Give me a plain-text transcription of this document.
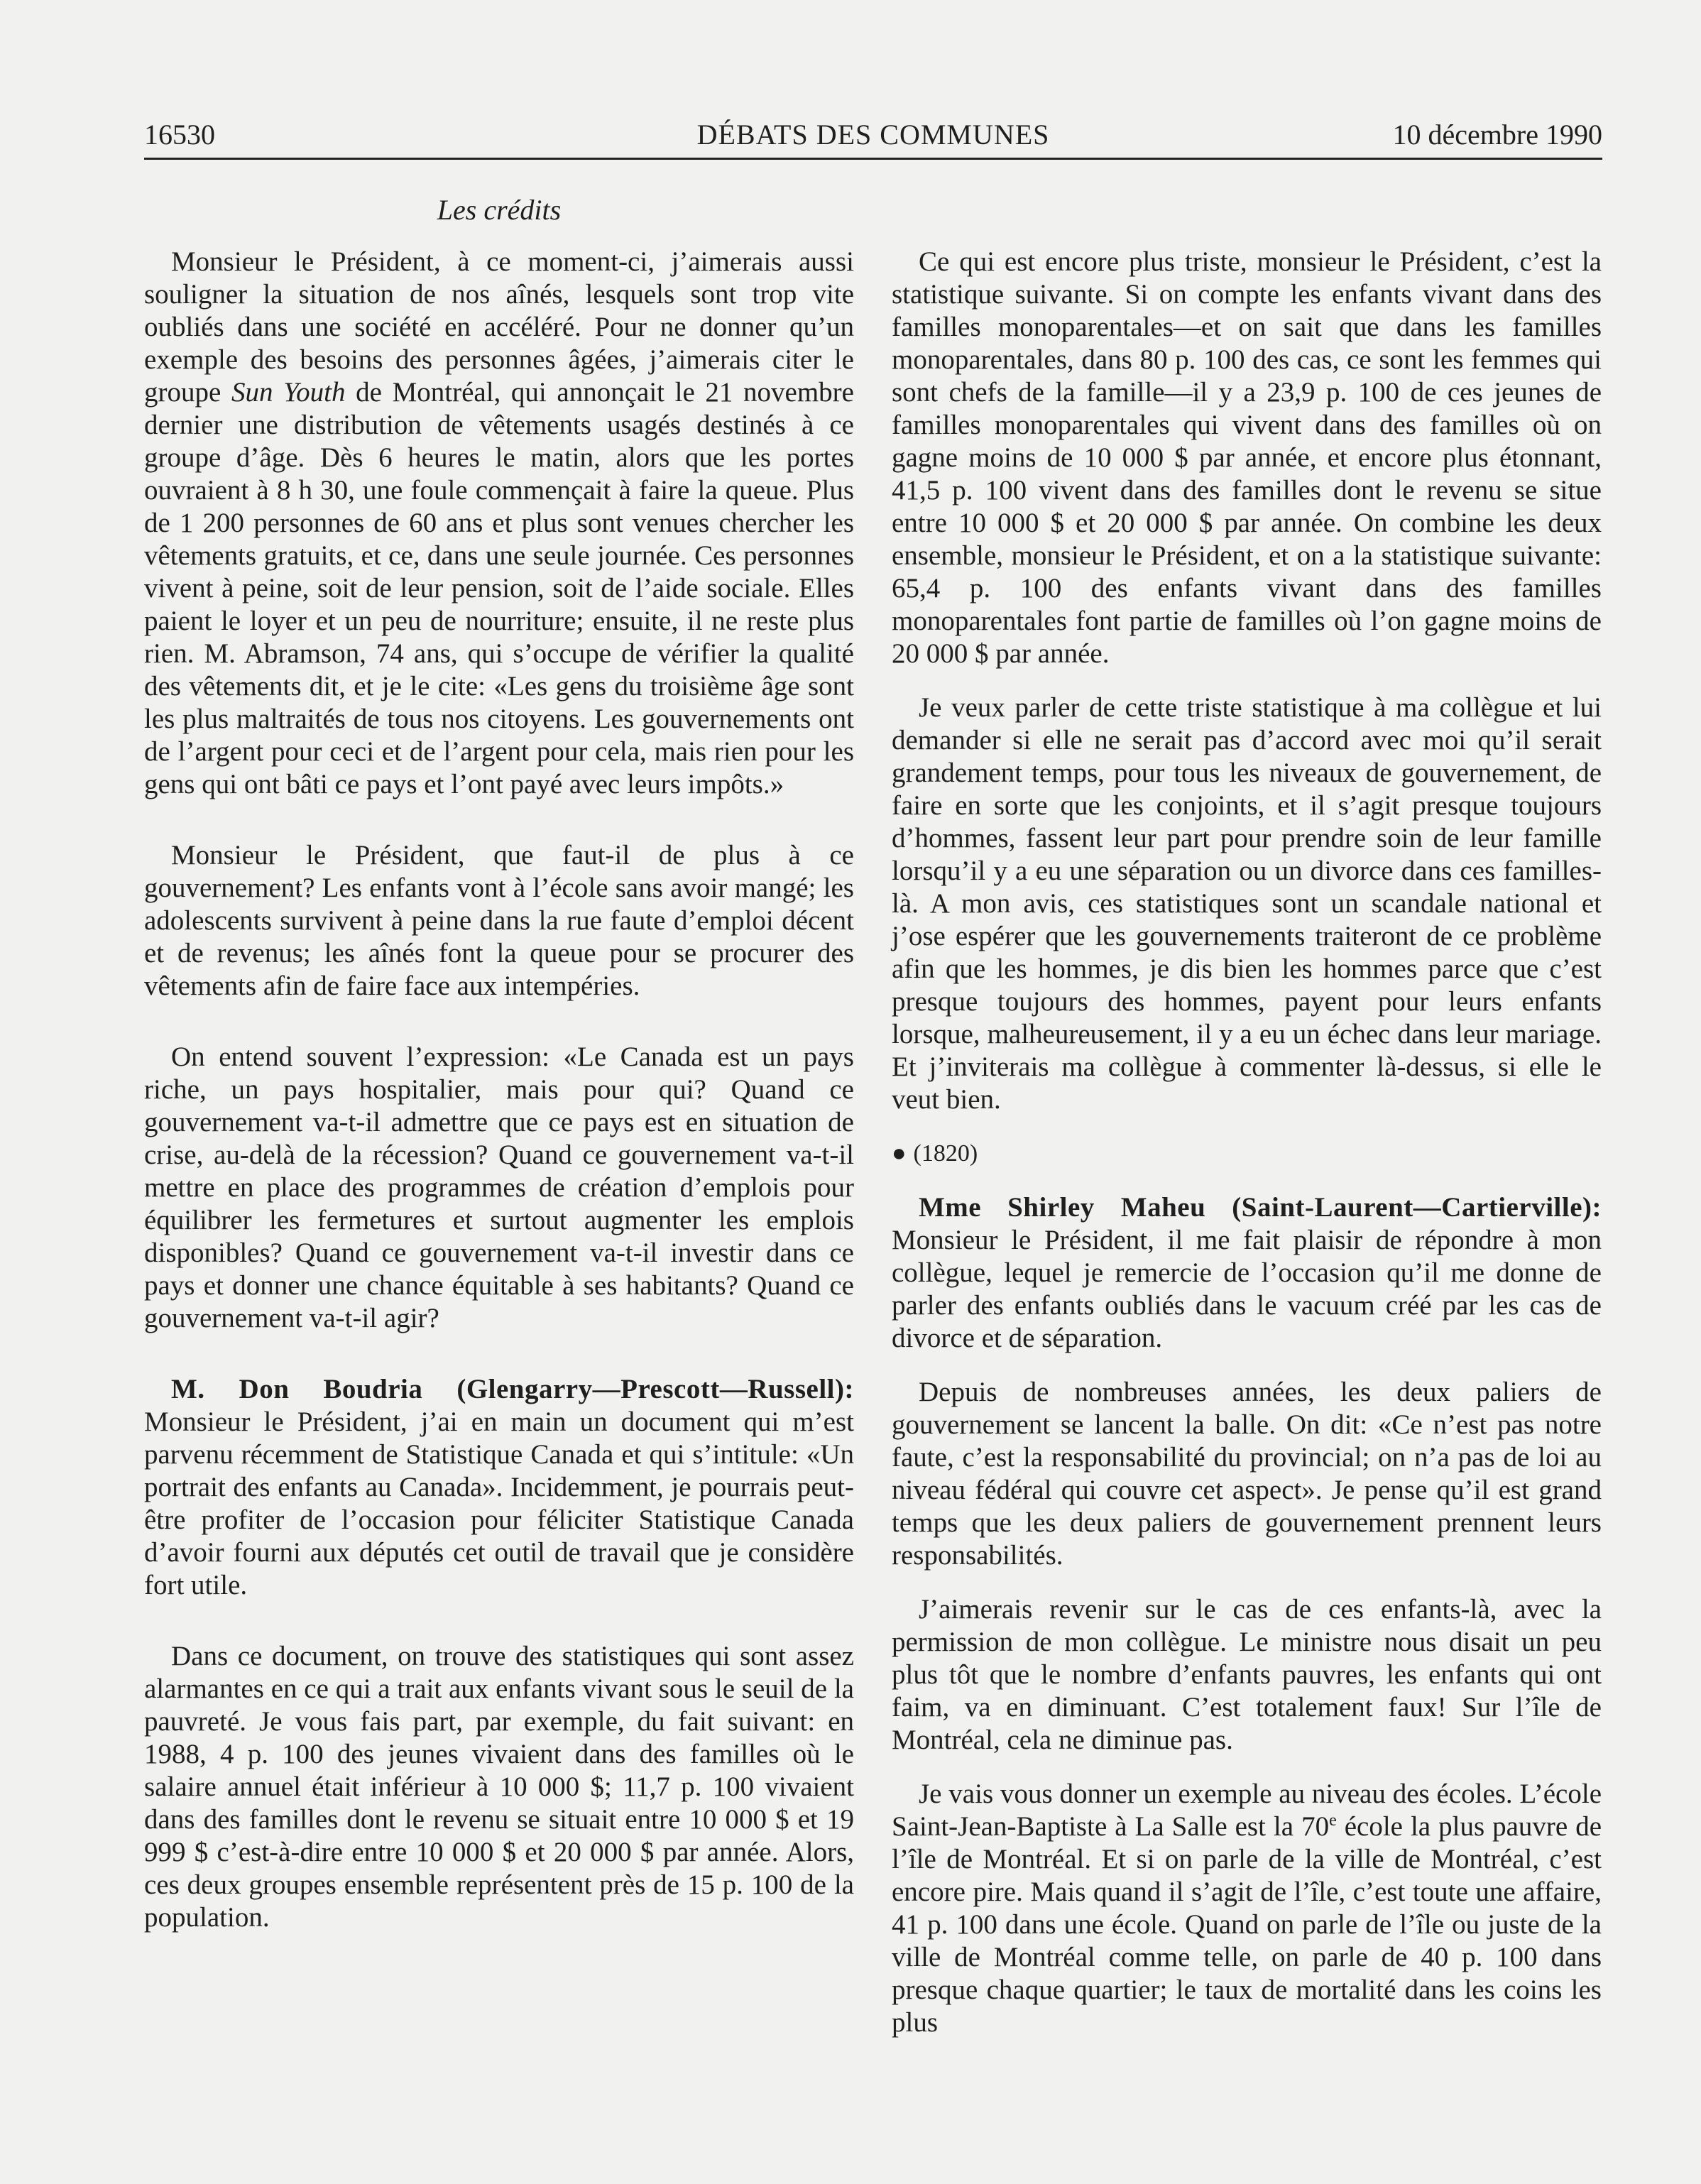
16530	DÉBATS DES COMMUNES	10 décembre 1990
Les crédits

Monsieur le Président, à ce moment-ci, j’aimerais aussi souligner la situation de nos aînés, lesquels sont trop vite oubliés dans une société en accéléré. Pour ne donner qu’un exemple des besoins des personnes âgées, j’aimerais citer le groupe Sun Youth de Montréal, qui annonçait le 21 novembre dernier une distribution de vêtements usagés destinés à ce groupe d’âge. Dès 6 heures le matin, alors que les portes ouvraient à 8 h 30, une foule commençait à faire la queue. Plus de 1 200 personnes de 60 ans et plus sont venues chercher les vêtements gratuits, et ce, dans une seule journée. Ces personnes vivent à peine, soit de leur pension, soit de l’aide sociale. Elles paient le loyer et un peu de nourriture; ensuite, il ne reste plus rien. M. Abramson, 74 ans, qui s’occupe de vérifier la qualité des vêtements dit, et je le cite: «Les gens du troisième âge sont les plus maltraités de tous nos citoyens. Les gouvernements ont de l’argent pour ceci et de l’argent pour cela, mais rien pour les gens qui ont bâti ce pays et l’ont payé avec leurs impôts.»

Monsieur le Président, que faut-il de plus à ce gouvernement? Les enfants vont à l’école sans avoir mangé; les adolescents survivent à peine dans la rue faute d’emploi décent et de revenus; les aînés font la queue pour se procurer des vêtements afin de faire face aux intempéries.

On entend souvent l’expression: «Le Canada est un pays riche, un pays hospitalier, mais pour qui? Quand ce gouvernement va-t-il admettre que ce pays est en situation de crise, au-delà de la récession? Quand ce gouvernement va-t-il mettre en place des programmes de création d’emplois pour équilibrer les fermetures et surtout augmenter les emplois disponibles? Quand ce gouvernement va-t-il investir dans ce pays et donner une chance équitable à ses habitants? Quand ce gouvernement va-t-il agir?

M. Don Boudria (Glengarry—Prescott—Russell): Monsieur le Président, j’ai en main un document qui m’est parvenu récemment de Statistique Canada et qui s’intitule: «Un portrait des enfants au Canada». Incidemment, je pourrais peut-être profiter de l’occasion pour féliciter Statistique Canada d’avoir fourni aux députés cet outil de travail que je considère fort utile.

Dans ce document, on trouve des statistiques qui sont assez alarmantes en ce qui a trait aux enfants vivant sous le seuil de la pauvreté. Je vous fais part, par exemple, du fait suivant: en 1988, 4 p. 100 des jeunes vivaient dans des familles où le salaire annuel était inférieur à 10 000 $; 11,7 p. 100 vivaient dans des familles dont le revenu se situait entre 10 000 $ et 19 999 $ c’est-à-dire entre 10 000 $ et 20 000 $ par année. Alors, ces deux groupes ensemble représentent près de 15 p. 100 de la population.

Ce qui est encore plus triste, monsieur le Président, c’est la statistique suivante. Si on compte les enfants vivant dans des familles monoparentales—et on sait que dans les familles monoparentales, dans 80 p. 100 des cas, ce sont les femmes qui sont chefs de la famille—il y a 23,9 p. 100 de ces jeunes de familles monoparentales qui vivent dans des familles où on gagne moins de 10 000 $ par année, et encore plus étonnant, 41,5 p. 100 vivent dans des familles dont le revenu se situe entre 10 000 $ et 20 000 $ par année. On combine les deux ensemble, monsieur le Président, et on a la statistique suivante: 65,4 p. 100 des enfants vivant dans des familles monoparentales font partie de familles où l’on gagne moins de 20 000 $ par année.

Je veux parler de cette triste statistique à ma collègue et lui demander si elle ne serait pas d’accord avec moi qu’il serait grandement temps, pour tous les niveaux de gouvernement, de faire en sorte que les conjoints, et il s’agit presque toujours d’hommes, fassent leur part pour prendre soin de leur famille lorsqu’il y a eu une séparation ou un divorce dans ces familles-là. A mon avis, ces statistiques sont un scandale national et j’ose espérer que les gouvernements traiteront de ce problème afin que les hommes, je dis bien les hommes parce que c’est presque toujours des hommes, payent pour leurs enfants lorsque, malheureusement, il y a eu un échec dans leur mariage. Et j’inviterais ma collègue à commenter là-dessus, si elle le veut bien.

● (1820)

Mme Shirley Maheu (Saint-Laurent—Cartierville): Monsieur le Président, il me fait plaisir de répondre à mon collègue, lequel je remercie de l’occasion qu’il me donne de parler des enfants oubliés dans le vacuum créé par les cas de divorce et de séparation.

Depuis de nombreuses années, les deux paliers de gouvernement se lancent la balle. On dit: «Ce n’est pas notre faute, c’est la responsabilité du provincial; on n’a pas de loi au niveau fédéral qui couvre cet aspect». Je pense qu’il est grand temps que les deux paliers de gouvernement prennent leurs responsabilités.

J’aimerais revenir sur le cas de ces enfants-là, avec la permission de mon collègue. Le ministre nous disait un peu plus tôt que le nombre d’enfants pauvres, les enfants qui ont faim, va en diminuant. C’est totalement faux! Sur l’île de Montréal, cela ne diminue pas.

Je vais vous donner un exemple au niveau des écoles. L’école Saint-Jean-Baptiste à La Salle est la 70e école la plus pauvre de l’île de Montréal. Et si on parle de la ville de Montréal, c’est encore pire. Mais quand il s’agit de l’île, c’est toute une affaire, 41 p. 100 dans une école. Quand on parle de l’île ou juste de la ville de Montréal comme telle, on parle de 40 p. 100 dans presque chaque quartier; le taux de mortalité dans les coins les plus
